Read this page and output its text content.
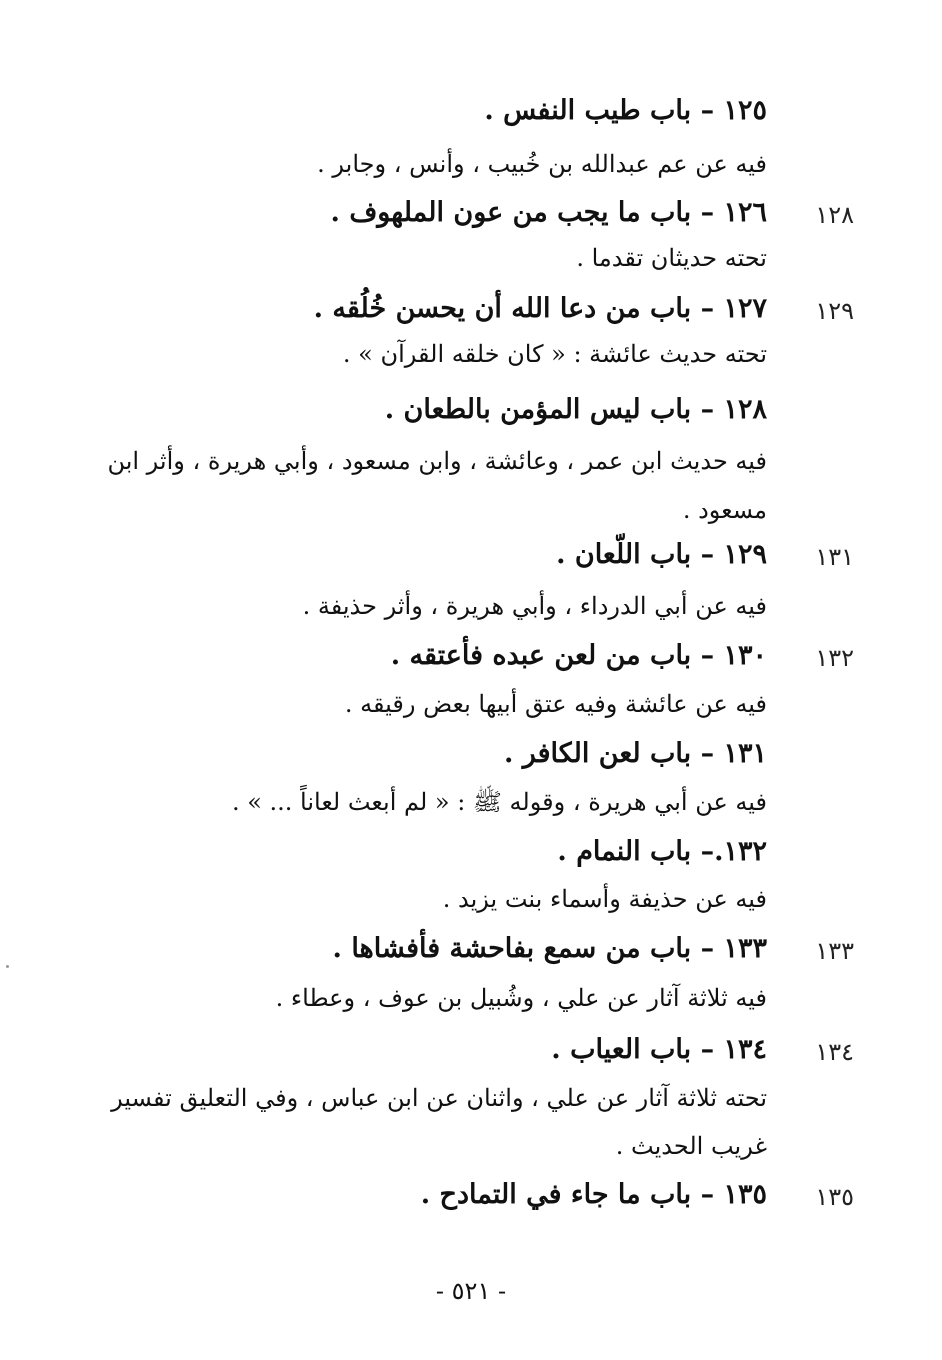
١٢٥ – باب طيب النفس .
فيه عن عم عبدالله بن خُبيب ، وأنس ، وجابر .
١٢٨
١٢٦ – باب ما يجب من عون الملهوف .
تحته حديثان تقدما .
١٢٩
١٢٧ – باب من دعا الله أن يحسن خُلُقه .
تحته حديث عائشة : « كان خلقه القرآن » .
١٢٨ – باب ليس المؤمن بالطعان .
فيه حديث ابن عمر ، وعائشة ، وابن مسعود ، وأبي هريرة ، وأثر ابن
مسعود .
١٣١
١٢٩ – باب اللّعان .
فيه عن أبي الدرداء ، وأبي هريرة ، وأثر حذيفة .
١٣٢
١٣٠ – باب من لعن عبده فأعتقه .
فيه عن عائشة وفيه عتق أبيها بعض رقيقه .
١٣١ – باب لعن الكافر .
فيه عن أبي هريرة ، وقوله ﷺ : « لم أبعث لعاناً ... » .
١٣٢.– باب النمام .
فيه عن حذيفة وأسماء بنت يزيد .
١٣٣
١٣٣ – باب من سمع بفاحشة فأفشاها .
فيه ثلاثة آثار عن علي ، وشُبيل بن عوف ، وعطاء .
١٣٤
١٣٤ – باب العياب .
تحته ثلاثة آثار عن علي ، واثنان عن ابن عباس ، وفي التعليق تفسير
غريب الحديث .
١٣٥
١٣٥ – باب ما جاء في التمادح .
- ٥٢١ -
